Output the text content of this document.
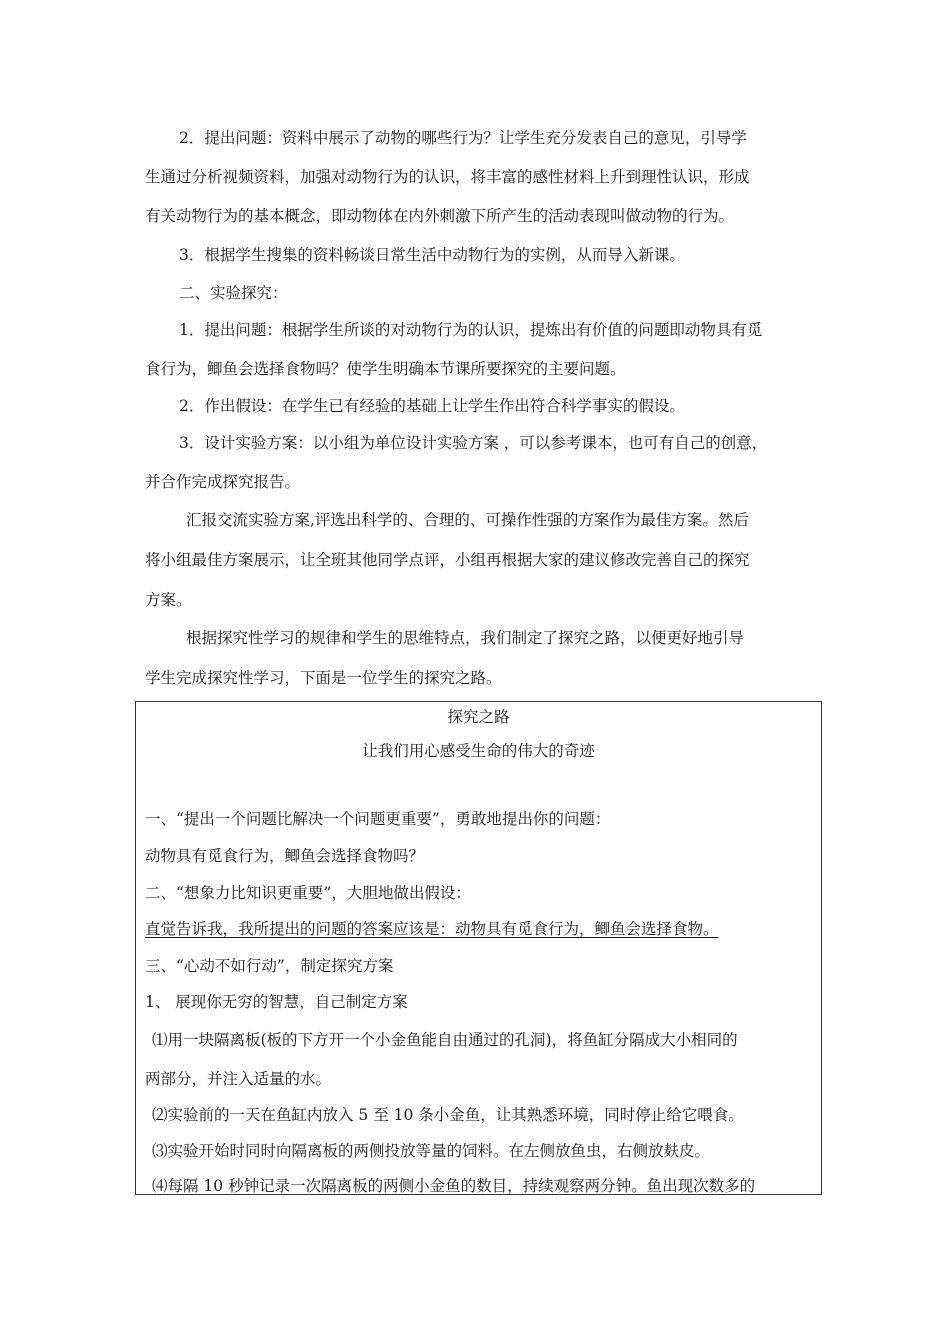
2．提出问题：资料中展示了动物的哪些行为？让学生充分发表自己的意见，引导学
生通过分析视频资料，加强对动物行为的认识，将丰富的感性材料上升到理性认识，形成
有关动物行为的基本概念，即动物体在内外刺激下所产生的活动表现叫做动物的行为。
3．根据学生搜集的资料畅谈日常生活中动物行为的实例，从而导入新课。
二、实验探究：
1．提出问题：根据学生所谈的对动物行为的认识，提炼出有价值的问题即动物具有觅
食行为，鲫鱼会选择食物吗？使学生明确本节课所要探究的主要问题。
2．作出假设：在学生已有经验的基础上让学生作出符合科学事实的假设。
3．设计实验方案：以小组为单位设计实验方案 ，可以参考课本，也可有自己的创意，
并合作完成探究报告。
汇报交流实验方案,评选出科学的、合理的、可操作性强的方案作为最佳方案。然后
将小组最佳方案展示，让全班其他同学点评，小组再根据大家的建议修改完善自己的探究
方案。
根据探究性学习的规律和学生的思维特点，我们制定了探究之路，以便更好地引导
学生完成探究性学习，下面是一位学生的探究之路。
探究之路
让我们用心感受生命的伟大的奇迹
一、“提出一个问题比解决一个问题更重要”，勇敢地提出你的问题：
动物具有觅食行为，鲫鱼会选择食物吗？
二、“想象力比知识更重要”，大胆地做出假设：
直觉告诉我，我所提出的问题的答案应该是：动物具有觅食行为，鲫鱼会选择食物。
三、“心动不如行动”，制定探究方案
1、 展现你无穷的智慧，自己制定方案
⑴用一块隔离板(板的下方开一个小金鱼能自由通过的孔洞)，将鱼缸分隔成大小相同的
两部分，并注入适量的水。
⑵实验前的一天在鱼缸内放入 5 至 10 条小金鱼，让其熟悉环境，同时停止给它喂食。
⑶实验开始时同时向隔离板的两侧投放等量的饲料。在左侧放鱼虫，右侧放麸皮。
⑷每隔 10 秒钟记录一次隔离板的两侧小金鱼的数目，持续观察两分钟。鱼出现次数多的
